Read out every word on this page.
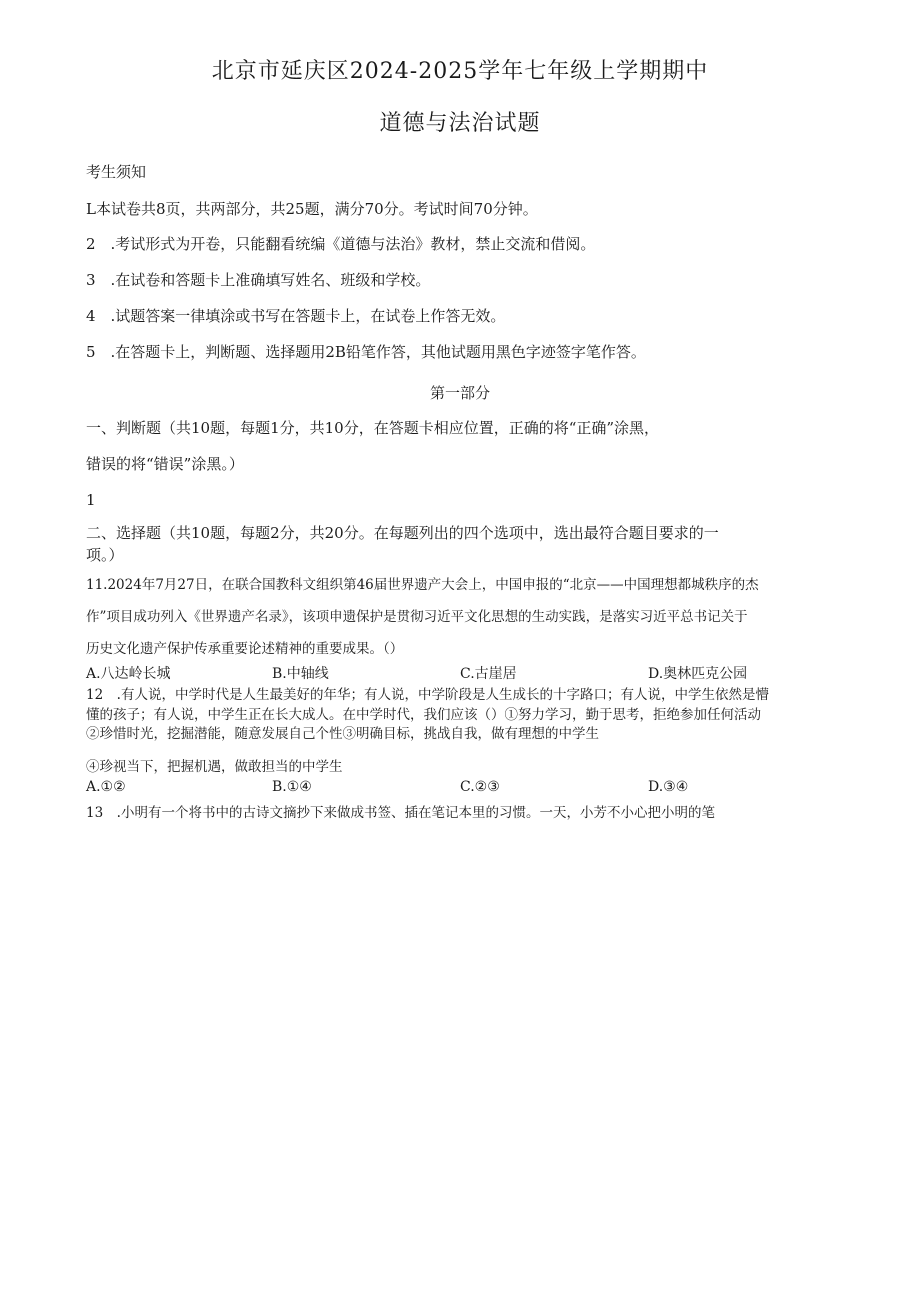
北京市延庆区2024-2025学年七年级上学期期中
道德与法治试题
考生须知
L本试卷共8页，共两部分，共25题，满分70分。考试时间70分钟。
2　.考试形式为开卷，只能翻看统编《道德与法治》教材，禁止交流和借阅。
3　.在试卷和答题卡上准确填写姓名、班级和学校。
4　.试题答案一律填涂或书写在答题卡上，在试卷上作答无效。
5　.在答题卡上，判断题、选择题用2B铅笔作答，其他试题用黑色字迹签字笔作答。
第一部分
一、判断题（共10题，每题1分，共10分，在答题卡相应位置，正确的将“正确”涂黑，
错误的将“错误”涂黑。）
1
二、选择题（共10题，每题2分，共20分。在每题列出的四个选项中，选出最符合题目要求的一
项。）
11.2024年7月27日，在联合国教科文组织第46届世界遗产大会上，中国申报的“北京——中国理想都城秩序的杰
作”项目成功列入《世界遗产名录》，该项申遗保护是贯彻习近平文化思想的生动实践，是落实习近平总书记关于
历史文化遗产保护传承重要论述精神的重要成果。（）
A.八达岭长城	B.中轴线	C.古崖居	D.奥林匹克公园
12　.有人说，中学时代是人生最美好的年华；有人说，中学阶段是人生成长的十字路口；有人说，中学生依然是懵
懂的孩子；有人说，中学生正在长大成人。在中学时代，我们应该（）①努力学习，勤于思考，拒绝参加任何活动
②珍惜时光，挖掘潜能，随意发展自己个性③明确目标，挑战自我，做有理想的中学生
④珍视当下，把握机遇，做敢担当的中学生
A.①②	B.①④	C.②③	D.③④
13　.小明有一个将书中的古诗文摘抄下来做成书签、插在笔记本里的习惯。一天，小芳不小心把小明的笔
